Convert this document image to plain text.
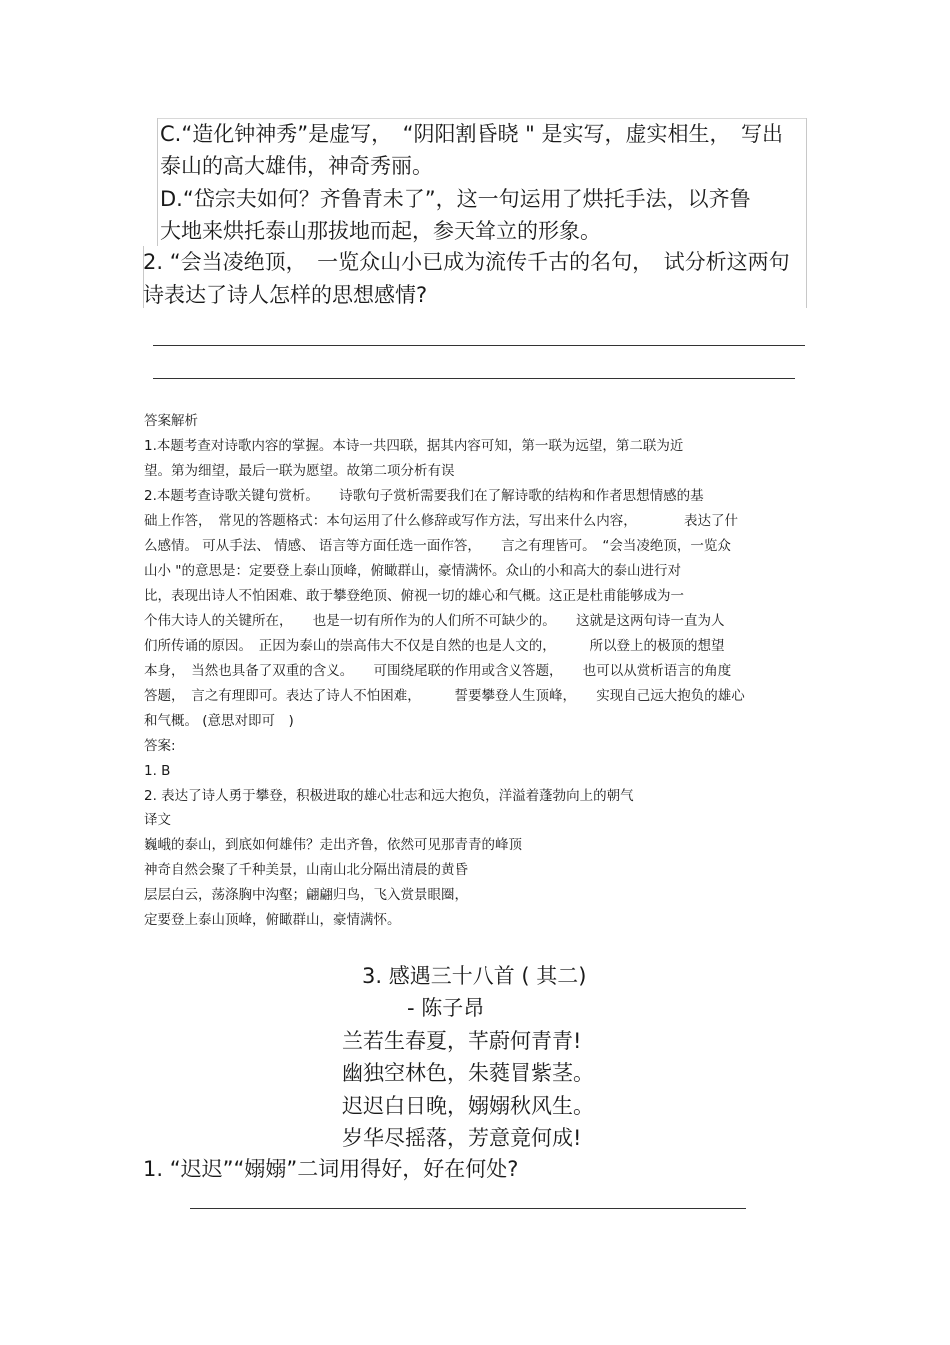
C.“造化钟神秀”是虚写，　“阴阳割昏晓 " 是实写，虚实相生，　写出
泰山的高大雄伟，神奇秀丽。
D.“岱宗夫如何？齐鲁青未了”，这一句运用了烘托手法，以齐鲁
大地来烘托泰山那拔地而起，参天耸立的形象。
2. “会当凌绝顶，　一览众山小已成为流传千古的名句，　试分析这两句
诗表达了诗人怎样的思想感情?
答案解析
1.本题考查对诗歌内容的掌握。本诗一共四联，据其内容可知，第一联为远望，第二联为近
望。第为细望，最后一联为愿望。故第二项分析有误
2.本题考查诗歌关键句赏析。　　诗歌句子赏析需要我们在了解诗歌的结构和作者思想情感的基
础上作答，　常见的答题格式：本句运用了什么修辞或写作方法，写出来什么内容，　　　　表达了什
么感情。 可从手法、 情感、 语言等方面任选一面作答，　　言之有理皆可。　“会当凌绝顶，一览众
山小 "的意思是：定要登上泰山顶峰，俯瞰群山，豪情满怀。众山的小和高大的泰山进行对
比，表现出诗人不怕困难、敢于攀登绝顶、俯视一切的雄心和气概。这正是杜甫能够成为一
个伟大诗人的关键所在，　　也是一切有所作为的人们所不可缺少的。　　这就是这两句诗一直为人
们所传诵的原因。　正因为泰山的崇高伟大不仅是自然的也是人文的，　　　所以登上的极顶的想望
本身，　当然也具备了双重的含义。　　可围绕尾联的作用或含义答题，　　也可以从赏析语言的角度
答题，　言之有理即可。表达了诗人不怕困难，　　　誓要攀登人生顶峰，　　实现自己远大抱负的雄心
和气概。 (意思对即可　)
答案:
1. B
2. 表达了诗人勇于攀登，积极进取的雄心壮志和远大抱负，洋溢着蓬勃向上的朝气
译文
巍峨的泰山，到底如何雄伟？走出齐鲁，依然可见那青青的峰顶
神奇自然会聚了千种美景，山南山北分隔出清晨的黄昏
层层白云，荡涤胸中沟壑；翩翩归鸟，飞入赏景眼圈，
定要登上泰山顶峰，俯瞰群山，豪情满怀。
3. 感遇三十八首 ( 其二)
- 陈子昂
兰若生春夏，芊蔚何青青!
幽独空林色，朱蕤冒紫茎。
迟迟白日晚，嫋嫋秋风生。
岁华尽摇落，芳意竟何成!
1. “迟迟”“嫋嫋”二词用得好，好在何处?
